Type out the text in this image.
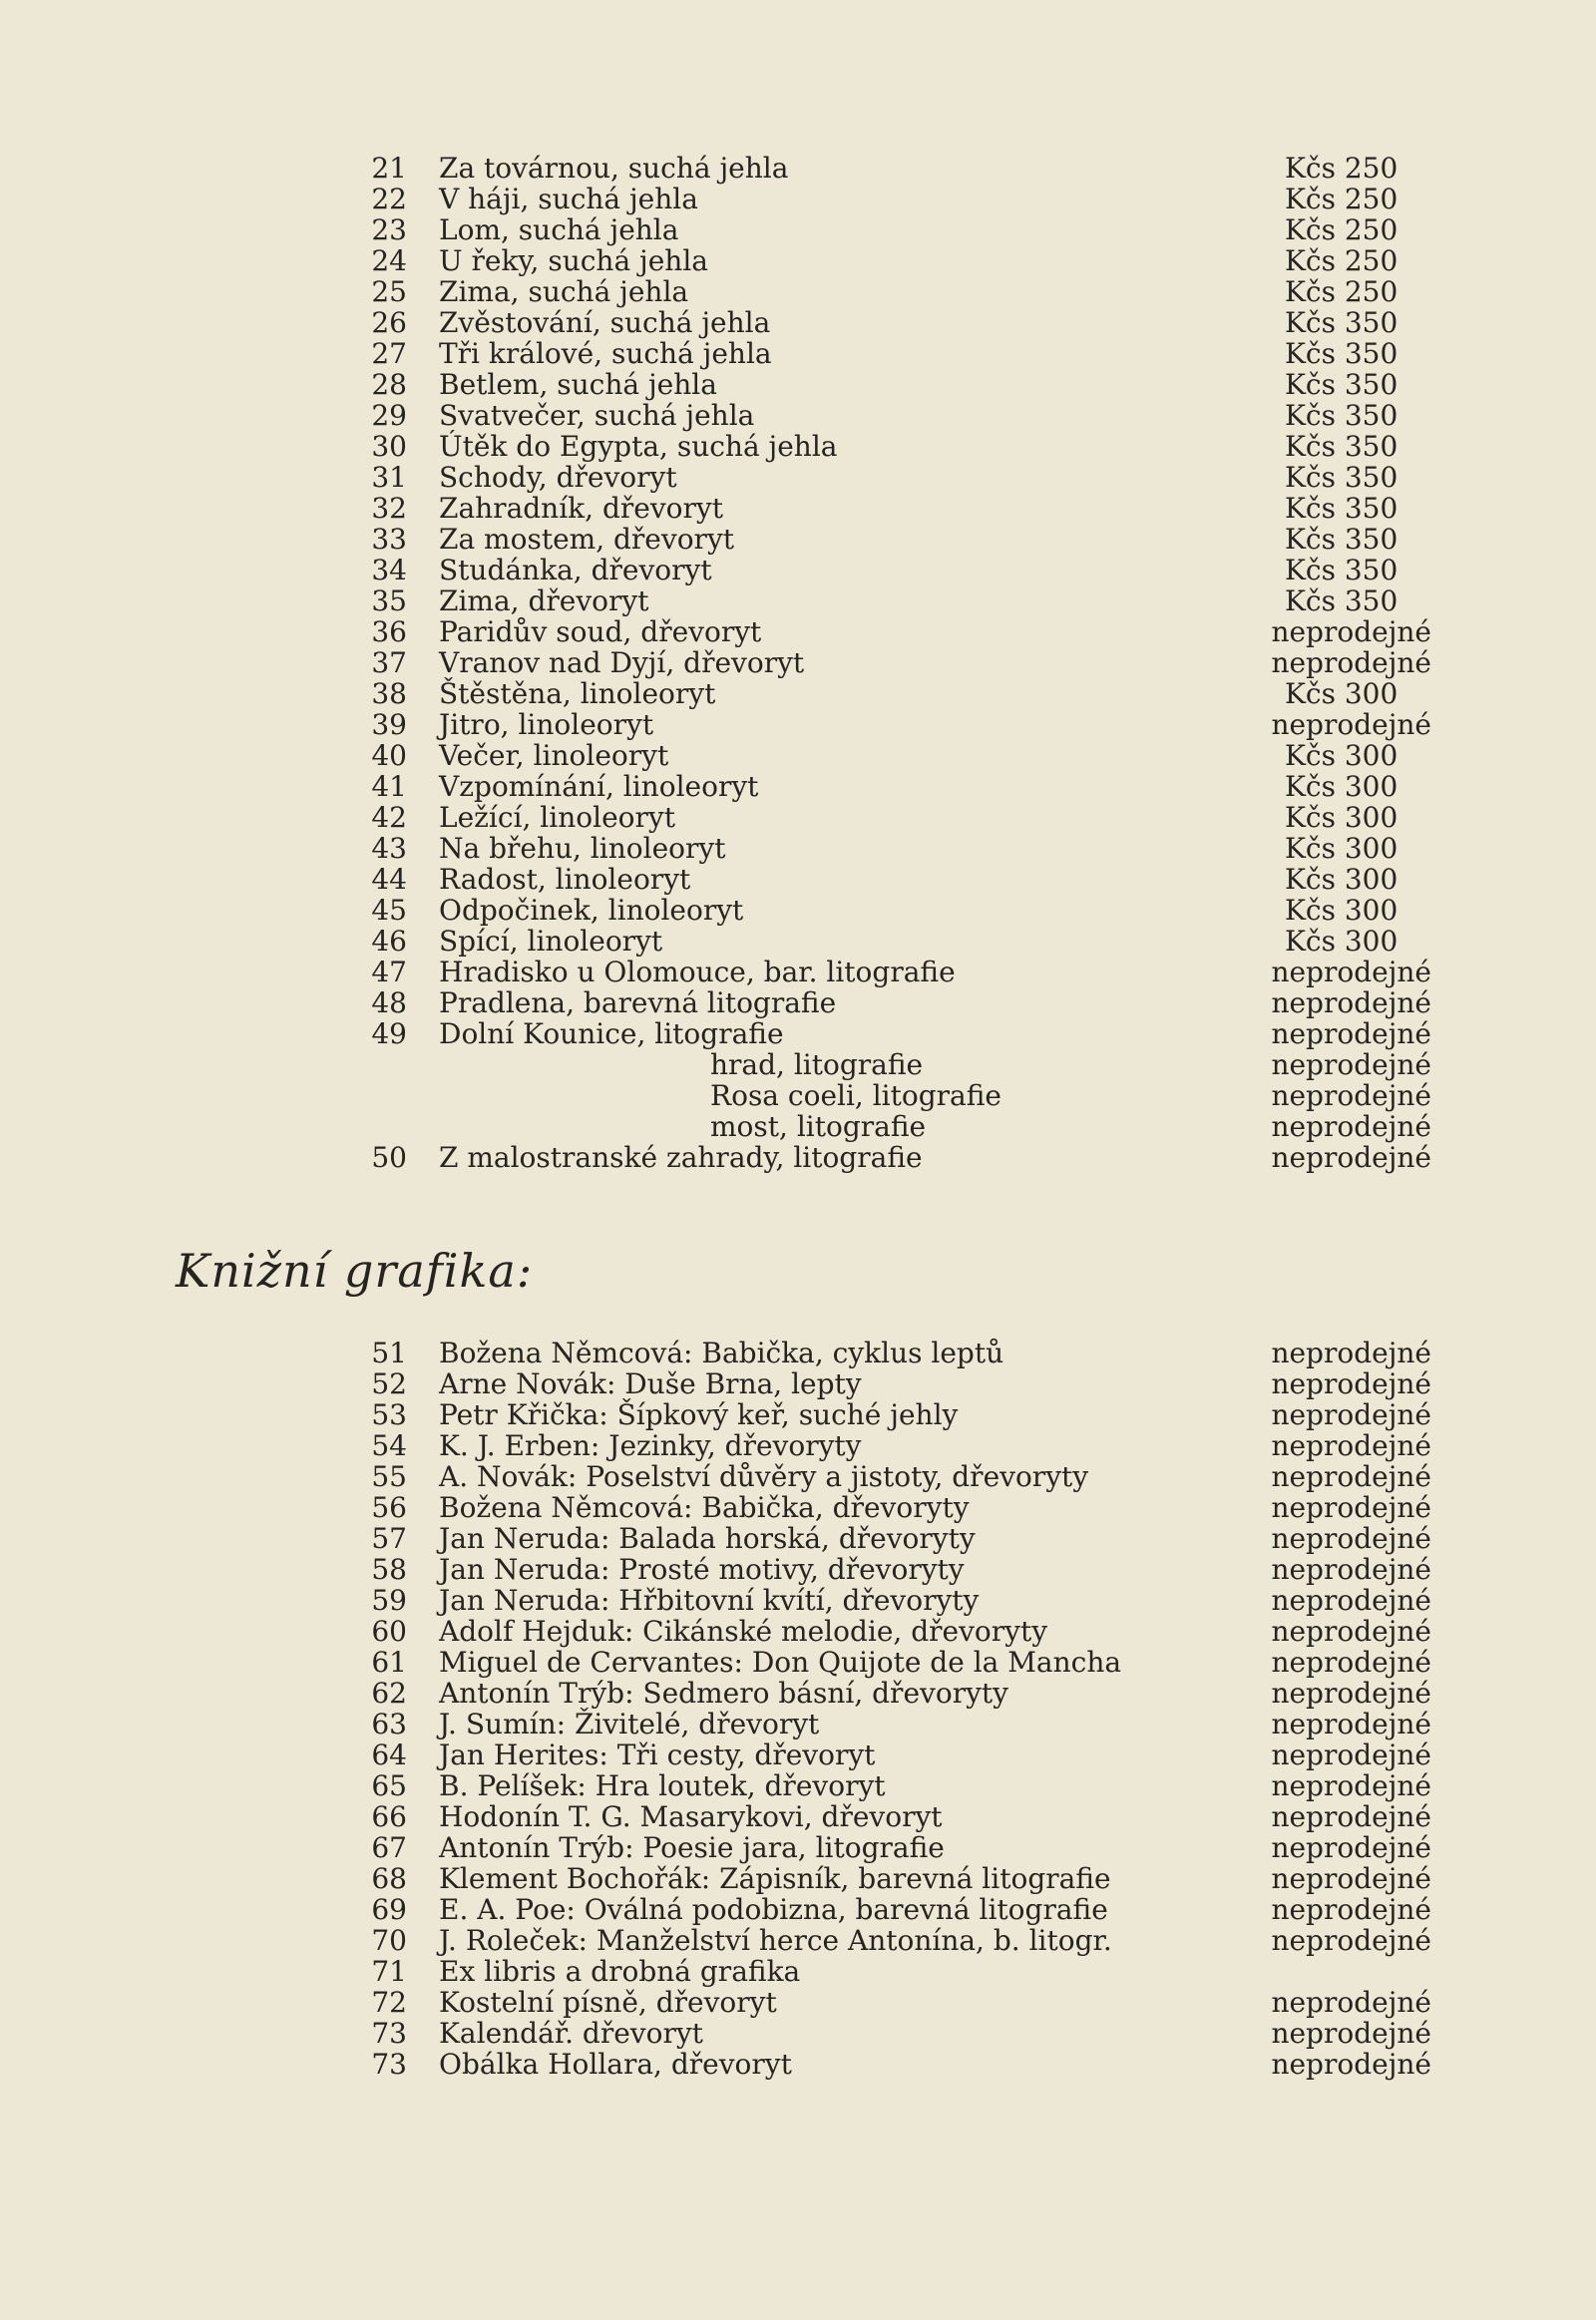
21 Za továrnou, suchá jehla	Kčs 250
22 V háji, suchá jehla	Kčs 250
23 Lom, suchá jehla	Kčs 250
24 U řeky, suchá jehla	Kčs 250
25 Zima, suchá jehla	Kčs 250
26 Zvěstování, suchá jehla	Kčs 350
27 Tři králové, suchá jehla	Kčs 350
28 Betlem, suchá jehla	Kčs 350
29 Svatvečer, suchá jehla	Kčs 350
30 Útěk do Egypta, suchá jehla	Kčs 350
31 Schody, dřevoryt	Kčs 350
32 Zahradník, dřevoryt	Kčs 350
33 Za mostem, dřevoryt	Kčs 350
34 Studánka, dřevoryt	Kčs 350
35 Zima, dřevoryt	Kčs 350
36 Paridův soud, dřevoryt	neprodejné
37 Vranov nad Dyjí, dřevoryt	neprodejné
38 Štěstěna, linoleoryt	Kčs 300
39 Jitro, linoleoryt	neprodejné
40 Večer, linoleoryt	Kčs 300
41 Vzpomínání, linoleoryt	Kčs 300
42 Ležící, linoleoryt	Kčs 300
43 Na břehu, linoleoryt	Kčs 300
44 Radost, linoleoryt	Kčs 300
45 Odpočinek, linoleoryt	Kčs 300
46 Spící, linoleoryt	Kčs 300
47 Hradisko u Olomouce, bar. litografie	neprodejné
48 Pradlena, barevná litografie	neprodejné
49 Dolní Kounice, litografie	neprodejné
hrad, litografie	neprodejné
Rosa coeli, litografie	neprodejné
most, litografie	neprodejné
50 Z malostranské zahrady, litografie	neprodejné
Knižní grafika:
51 Božena Němcová: Babička, cyklus leptů	neprodejné
52 Arne Novák: Duše Brna, lepty	neprodejné
53 Petr Křička: Šípkový keř, suché jehly	neprodejné
54 K. J. Erben: Jezinky, dřevoryty	neprodejné
55 A. Novák: Poselství důvěry a jistoty, dřevoryty	neprodejné
56 Božena Němcová: Babička, dřevoryty	neprodejné
57 Jan Neruda: Balada horská, dřevoryty	neprodejné
58 Jan Neruda: Prosté motivy, dřevoryty	neprodejné
59 Jan Neruda: Hřbitovní kvítí, dřevoryty	neprodejné
60 Adolf Hejduk: Cikánské melodie, dřevoryty	neprodejné
61 Miguel de Cervantes: Don Quijote de la Mancha	neprodejné
62 Antonín Trýb: Sedmero básní, dřevoryty	neprodejné
63 J. Sumín: Živitelé, dřevoryt	neprodejné
64 Jan Herites: Tři cesty, dřevoryt	neprodejné
65 B. Pelíšek: Hra loutek, dřevoryt	neprodejné
66 Hodonín T. G. Masarykovi, dřevoryt	neprodejné
67 Antonín Trýb: Poesie jara, litografie	neprodejné
68 Klement Bochořák: Zápisník, barevná litografie	neprodejné
69 E. A. Poe: Oválná podobizna, barevná litografie	neprodejné
70 J. Roleček: Manželství herce Antonína, b. litogr.	neprodejné
71 Ex libris a drobná grafika
72 Kostelní písně, dřevoryt	neprodejné
73 Kalendář. dřevoryt	neprodejné
73 Obálka Hollara, dřevoryt	neprodejné
